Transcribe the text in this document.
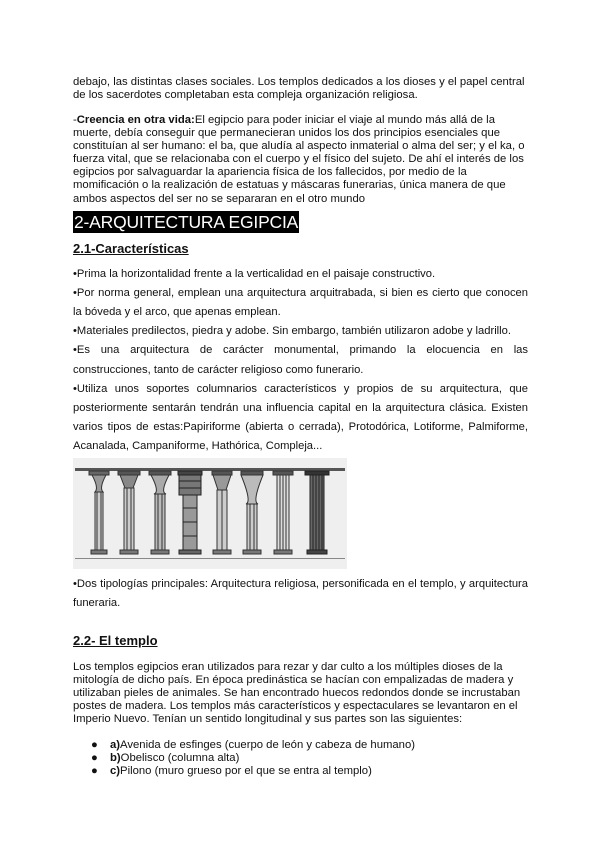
debajo, las distintas clases sociales. Los templos dedicados a los dioses y el papel central de los sacerdotes completaban esta compleja organización religiosa.

-Creencia en otra vida:El egipcio para poder iniciar el viaje al mundo más allá de la muerte, debía conseguir que permanecieran unidos los dos principios esenciales que constituían al ser humano: el ba, que aludía al aspecto inmaterial o alma del ser; y el ka, o fuerza vital, que se relacionaba con el cuerpo y el físico del sujeto. De ahí el interés de los egipcios por salvaguardar la apariencia física de los fallecidos, por medio de la momificación o la realización de estatuas y máscaras funerarias, única manera de que ambos aspectos del ser no se separaran en el otro mundo

2-ARQUITECTURA EGIPCIA
2.1-Características

•Prima la horizontalidad frente a la verticalidad en el paisaje constructivo.

•Por norma general, emplean una arquitectura arquitrabada, si bien es cierto que conocen la bóveda y el arco, que apenas emplean.

•Materiales predilectos, piedra y adobe. Sin embargo, también utilizaron adobe y ladrillo.

•Es una arquitectura de carácter monumental, primando la elocuencia en las construcciones, tanto de carácter religioso como funerario.

•Utiliza unos soportes columnarios característicos y propios de su arquitectura, que posteriormente sentarán tendrán una influencia capital en la arquitectura clásica. Existen varios tipos de estas:Papiriforme (abierta o cerrada), Protodórica, Lotiforme, Palmiforme, Acanalada, Campaniforme, Hathórica, Compleja...

•Dos tipologías principales: Arquitectura religiosa, personificada en el templo, y arquitectura funeraria.

2.2- El templo

Los templos egipcios eran utilizados para rezar y dar culto a los múltiples dioses de la mitología de dicho país. En época predinástica se hacían con empalizadas de madera y utilizaban pieles de animales. Se han encontrado huecos redondos donde se incrustaban postes de madera. Los templos más característicos y espectaculares se levantaron en el Imperio Nuevo. Tenían un sentido longitudinal y sus partes son las siguientes:

● a)Avenida de esfinges (cuerpo de león y cabeza de humano)
● b)Obelisco (columna alta)
● c)Pilono (muro grueso por el que se entra al templo)
